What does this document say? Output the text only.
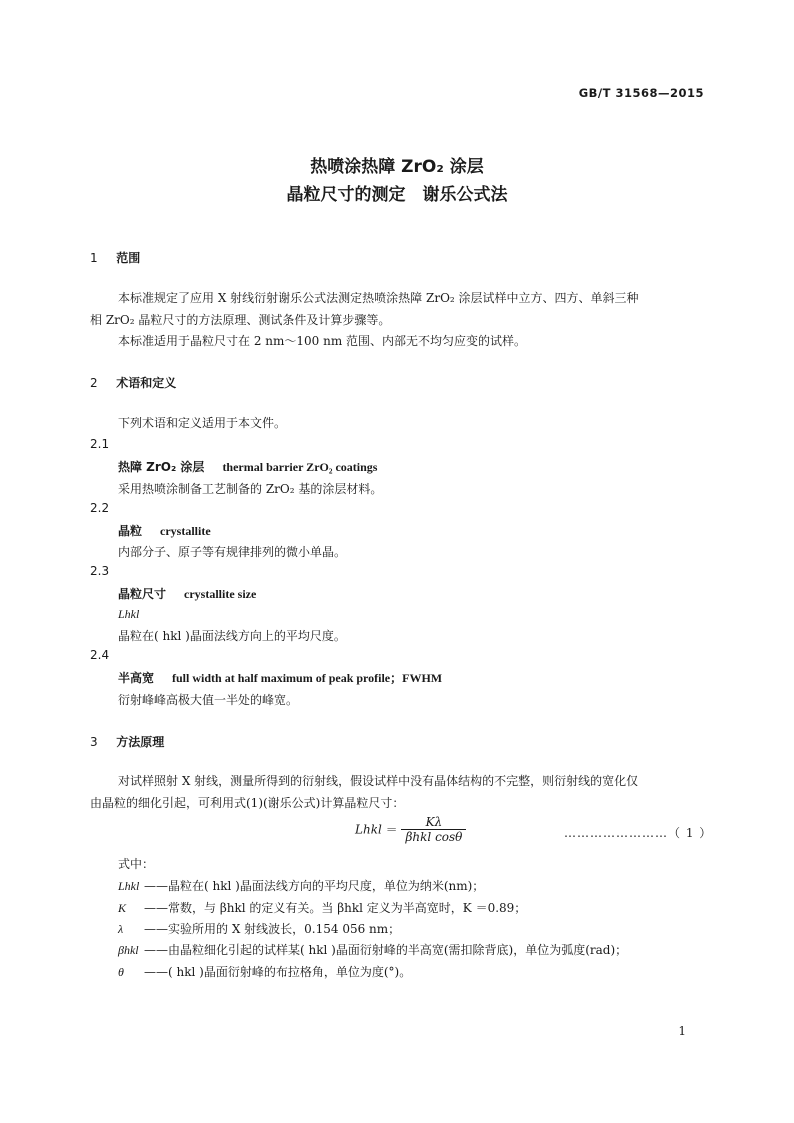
GB/T 31568—2015
热喷涂热障 ZrO₂ 涂层
晶粒尺寸的测定　谢乐公式法
1 范围
本标准规定了应用 X 射线衍射谢乐公式法测定热喷涂热障 ZrO₂ 涂层试样中立方、四方、单斜三种
相 ZrO₂ 晶粒尺寸的方法原理、测试条件及计算步骤等。
本标准适用于晶粒尺寸在 2 nm～100 nm 范围、内部无不均匀应变的试样。
2 术语和定义
下列术语和定义适用于本文件。
2.1
热障 ZrO₂ 涂层 thermal barrier ZrO₂ coatings
采用热喷涂制备工艺制备的 ZrO₂ 基的涂层材料。
2.2
晶粒 crystallite
内部分子、原子等有规律排列的微小单晶。
2.3
晶粒尺寸 crystallite size
Lhkl
晶粒在( hkl )晶面法线方向上的平均尺度。
2.4
半高宽 full width at half maximum of peak profile；FWHM
衍射峰峰高极大值一半处的峰宽。
3 方法原理
对试样照射 X 射线，测量所得到的衍射线，假设试样中没有晶体结构的不完整，则衍射线的宽化仅
由晶粒的细化引起，可利用式(1)(谢乐公式)计算晶粒尺寸：
Lhkl ＝ $\frac{K\lambda}{\text{βhkl cosθ}}$	……………………（ 1 ）
式中：
Lhkl ——晶粒在( hkl )晶面法线方向的平均尺度，单位为纳米(nm)；
K ——常数，与 βhkl 的定义有关。当 βhkl 定义为半高宽时，K ＝0.89；
λ ——实验所用的 X 射线波长，0.154 056 nm；
βhkl ——由晶粒细化引起的试样某( hkl )晶面衍射峰的半高宽(需扣除背底)，单位为弧度(rad)；
θ ——( hkl )晶面衍射峰的布拉格角，单位为度(°)。
1
